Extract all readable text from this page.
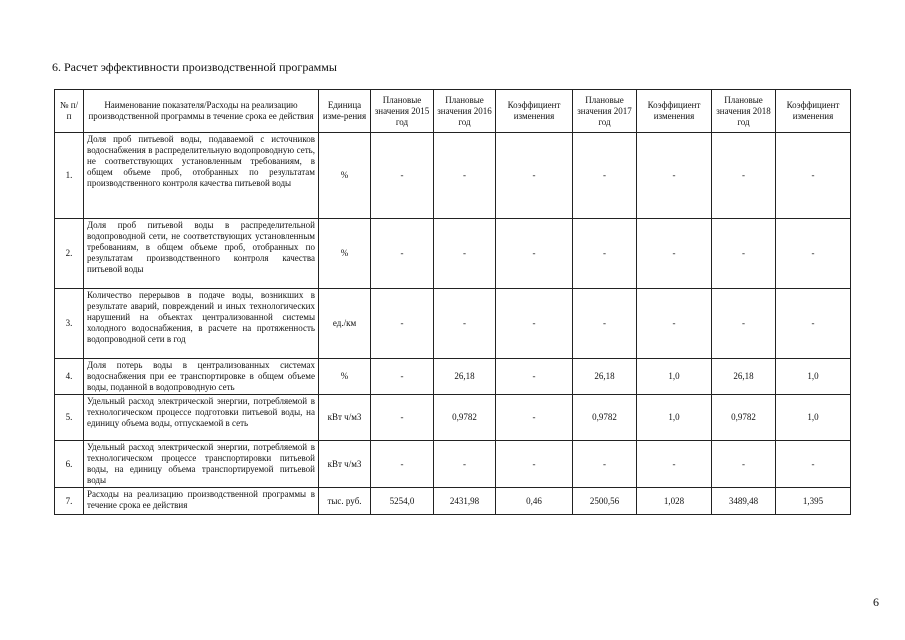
6. Расчет эффективности производственной программы
№ п/п	Наименование показателя/Расходы на реализацию производственной программы в течение срока ее действия	Единица изме-рения	Плановые значения 2015 год	Плановые значения 2016 год	Коэффициент изменения	Плановые значения 2017 год	Коэффициент изменения	Плановые значения 2018 год	Коэффициент изменения
1.	Доля проб питьевой воды, подаваемой с источников водоснабжения в распределительную водопроводную сеть, не соответствующих установленным требованиям, в общем объеме проб, отобранных по результатам производственного контроля качества питьевой воды	%	-	-	-	-	-	-	-
2.	Доля проб питьевой воды в распределительной водопроводной сети, не соответствующих установленным требованиям, в общем объеме проб, отобранных по результатам производственного контроля качества питьевой воды	%	-	-	-	-	-	-	-
3.	Количество перерывов в подаче воды, возникших в результате аварий, повреждений и иных технологических нарушений на объектах централизованной системы холодного водоснабжения, в расчете на протяженность водопроводной сети в год	ед./км	-	-	-	-	-	-	-
4.	Доля потерь воды в централизованных системах водоснабжения при ее транспортировке в общем объеме воды, поданной в водопроводную сеть	%	-	26,18	-	26,18	1,0	26,18	1,0
5.	Удельный расход электрической энергии, потребляемой в технологическом процессе подготовки питьевой воды, на единицу объема воды, отпускаемой в сеть	кВт ч/м3	-	0,9782	-	0,9782	1,0	0,9782	1,0
6.	Удельный расход электрической энергии, потребляемой в технологическом процессе транспортировки питьевой воды, на единицу объема транспортируемой питьевой воды	кВт ч/м3	-	-	-	-	-	-	-
7.	Расходы на реализацию производственной программы в течение срока ее действия	тыс. руб.	5254,0	2431,98	0,46	2500,56	1,028	3489,48	1,395
6
